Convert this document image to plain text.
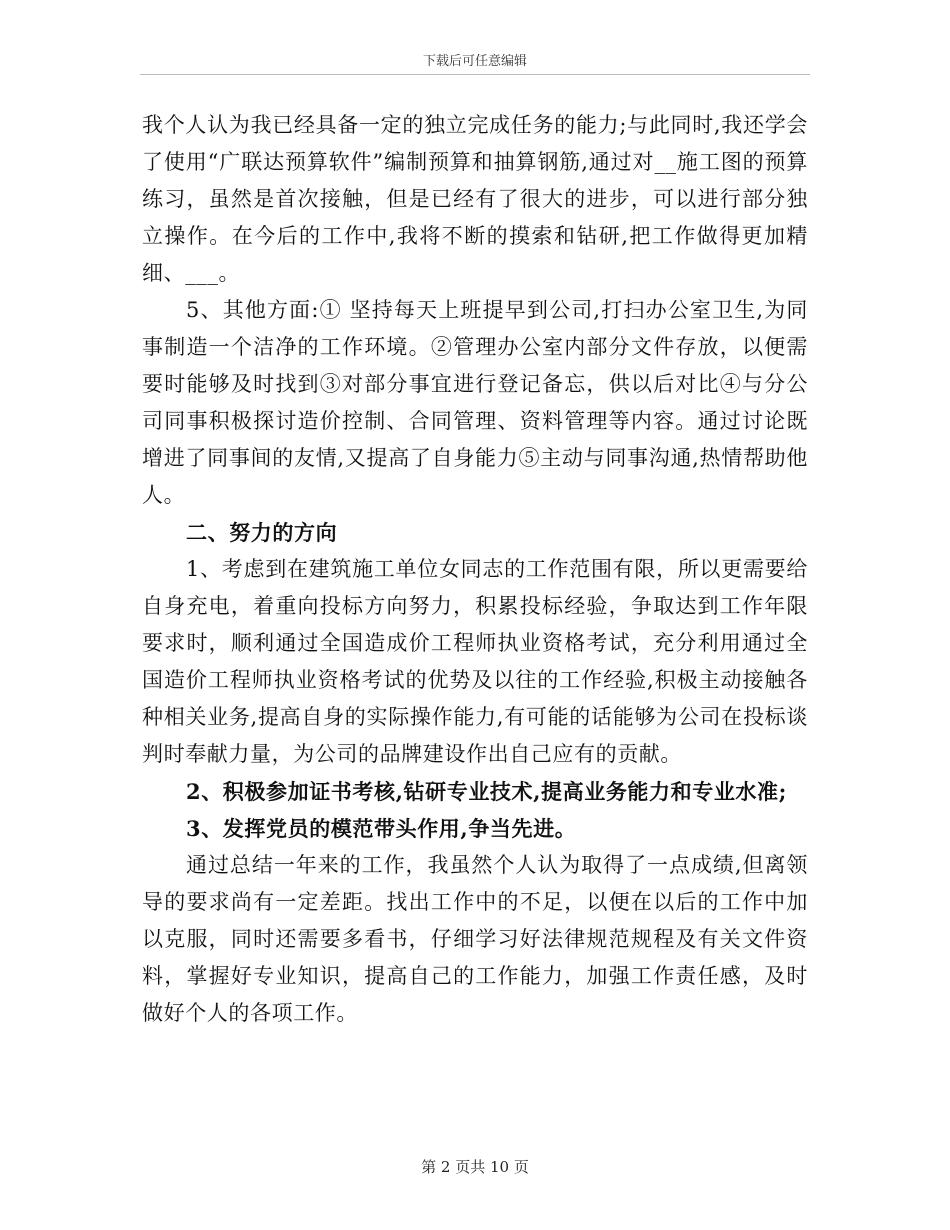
下载后可任意编辑

我个人认为我已经具备一定的独立完成任务的能力;与此同时,我还学会了使用“广联达预算软件”编制预算和抽算钢筋,通过对__施工图的预算练习，虽然是首次接触，但是已经有了很大的进步，可以进行部分独立操作。在今后的工作中,我将不断的摸索和钻研,把工作做得更加精细、___。

5、其他方面:① 坚持每天上班提早到公司,打扫办公室卫生,为同事制造一个洁净的工作环境。②管理办公室内部分文件存放，以便需要时能够及时找到③对部分事宜进行登记备忘，供以后对比④与分公司同事积极探讨造价控制、合同管理、资料管理等内容。通过讨论既增进了同事间的友情,又提高了自身能力⑤主动与同事沟通,热情帮助他人。

二、努力的方向

1、考虑到在建筑施工单位女同志的工作范围有限，所以更需要给自身充电，着重向投标方向努力，积累投标经验，争取达到工作年限要求时，顺利通过全国造成价工程师执业资格考试，充分利用通过全国造价工程师执业资格考试的优势及以往的工作经验,积极主动接触各种相关业务,提高自身的实际操作能力,有可能的话能够为公司在投标谈判时奉献力量，为公司的品牌建设作出自己应有的贡献。

2、积极参加证书考核,钻研专业技术,提高业务能力和专业水准;

3、发挥党员的模范带头作用,争当先进。

通过总结一年来的工作，我虽然个人认为取得了一点成绩,但离领导的要求尚有一定差距。找出工作中的不足，以便在以后的工作中加以克服，同时还需要多看书，仔细学习好法律规范规程及有关文件资料，掌握好专业知识，提高自己的工作能力，加强工作责任感，及时做好个人的各项工作。

第 2 页共 10 页
